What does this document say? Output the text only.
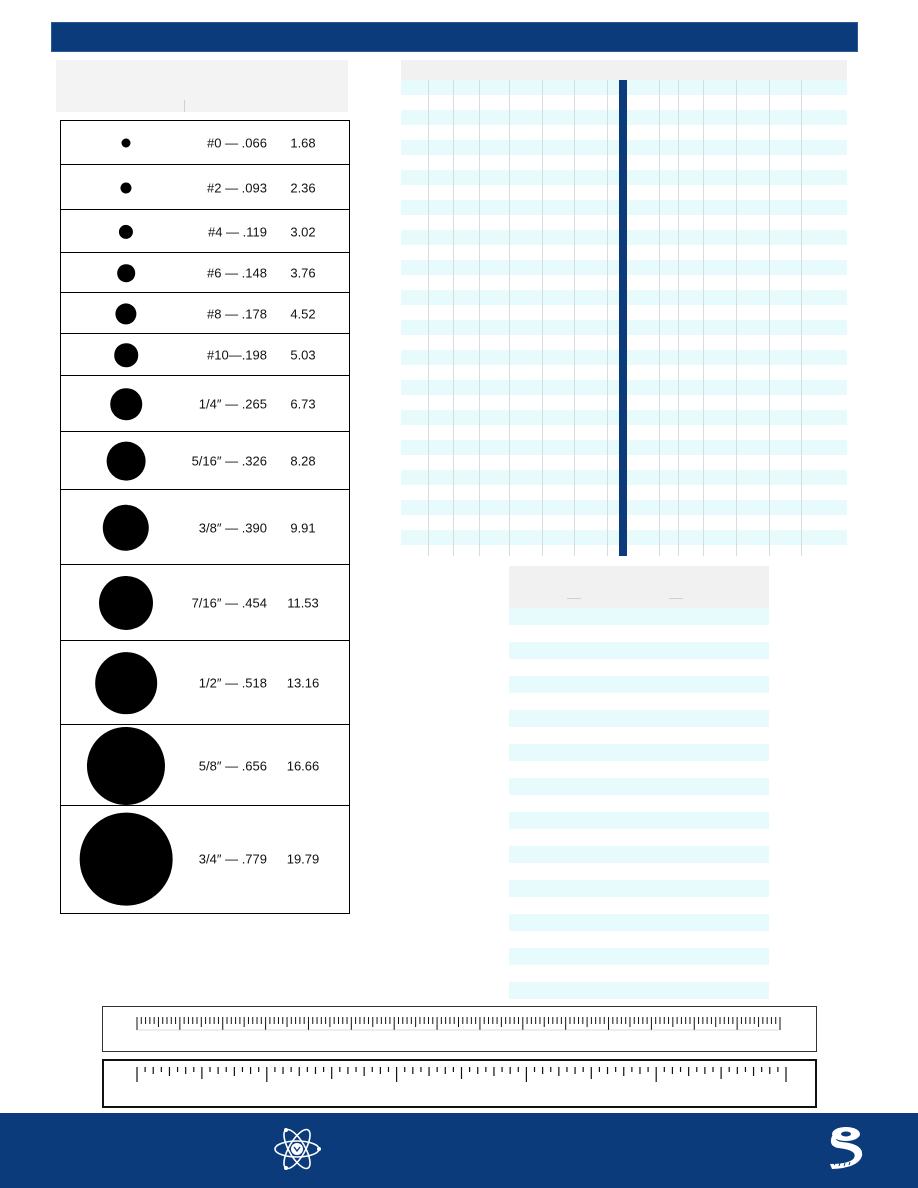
#0 — .066	1.68
#2 — .093	2.36
#4 — .119	3.02
#6 — .148	3.76
#8 — .178	4.52
#10—.198	5.03
1/4″ — .265	6.73
5/16″ — .326	8.28
3/8″ — .390	9.91
7/16″ — .454	11.53
1/2″ — .518	13.16
5/8″ — .656	16.66
3/4″ — .779	19.79
